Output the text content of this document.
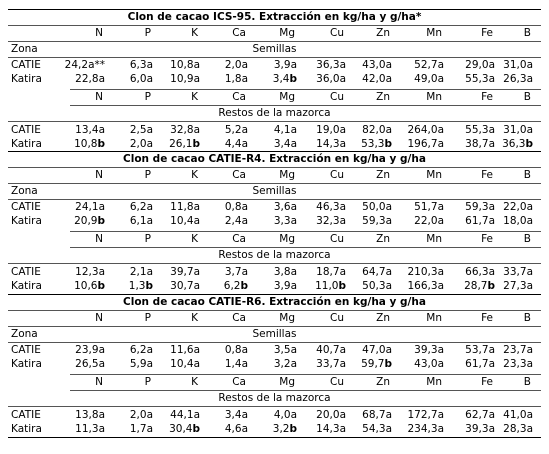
Clon de cacao ICS-95. Extracción en kg/ha y g/ha*
N	P	K	Ca	Mg	Cu	Zn	Mn	Fe	B
Zona	Semillas
CATIE 24,2a** 6,3a 10,8a 2,0a 3,9a 36,3a 43,0a 52,7a 29,0a 31,0a
Katira	22,8a 6,0a 10,9a 1,8a 3,4b 36,0a 42,0a 49,0a 55,3a 26,3a
N	P	K	Ca	Mg	Cu	Zn	Mn	Fe	B
Restos de la mazorca
CATIE	13,4a 2,5a 32,8a 5,2a 4,1a 19,0a 82,0a 264,0a 55,3a 31,0a
Katira	10,8b 2,0a 26,1b 4,4a 3,4a 14,3a 53,3b 196,7a 38,7a 36,3b
Clon de cacao CATIE-R4. Extracción en kg/ha y g/ha
N	P	K	Ca	Mg	Cu	Zn	Mn	Fe	B
Zona	Semillas
CATIE	24,1a 6,2a 11,8a 0,8a 3,6a 46,3a 50,0a 51,7a 59,3a 22,0a
Katira	20,9b 6,1a 10,4a 2,4a 3,3a 32,3a 59,3a 22,0a 61,7a 18,0a
N	P	K	Ca	Mg	Cu	Zn	Mn	Fe	B
Restos de la mazorca
CATIE	12,3a 2,1a 39,7a 3,7a 3,8a 18,7a 64,7a 210,3a 66,3a 33,7a
Katira	10,6b 1,3b 30,7a 6,2b 3,9a 11,0b 50,3a 166,3a 28,7b 27,3a
Clon de cacao CATIE-R6. Extracción en kg/ha y g/ha
N	P	K	Ca	Mg	Cu	Zn	Mn	Fe	B
Zona	Semillas
CATIE	23,9a 6,2a 11,6a 0,8a 3,5a 40,7a 47,0a 39,3a 53,7a 23,7a
Katira	26,5a 5,9a 10,4a 1,4a 3,2a 33,7a 59,7b 43,0a 61,7a 23,3a
N	P	K	Ca	Mg	Cu	Zn	Mn	Fe	B
Restos de la mazorca
CATIE	13,8a 2,0a 44,1a 3,4a 4,0a 20,0a 68,7a 172,7a 62,7a 41,0a
Katira	11,3a 1,7a 30,4b 4,6a 3,2b 14,3a 54,3a 234,3a 39,3a 28,3a
